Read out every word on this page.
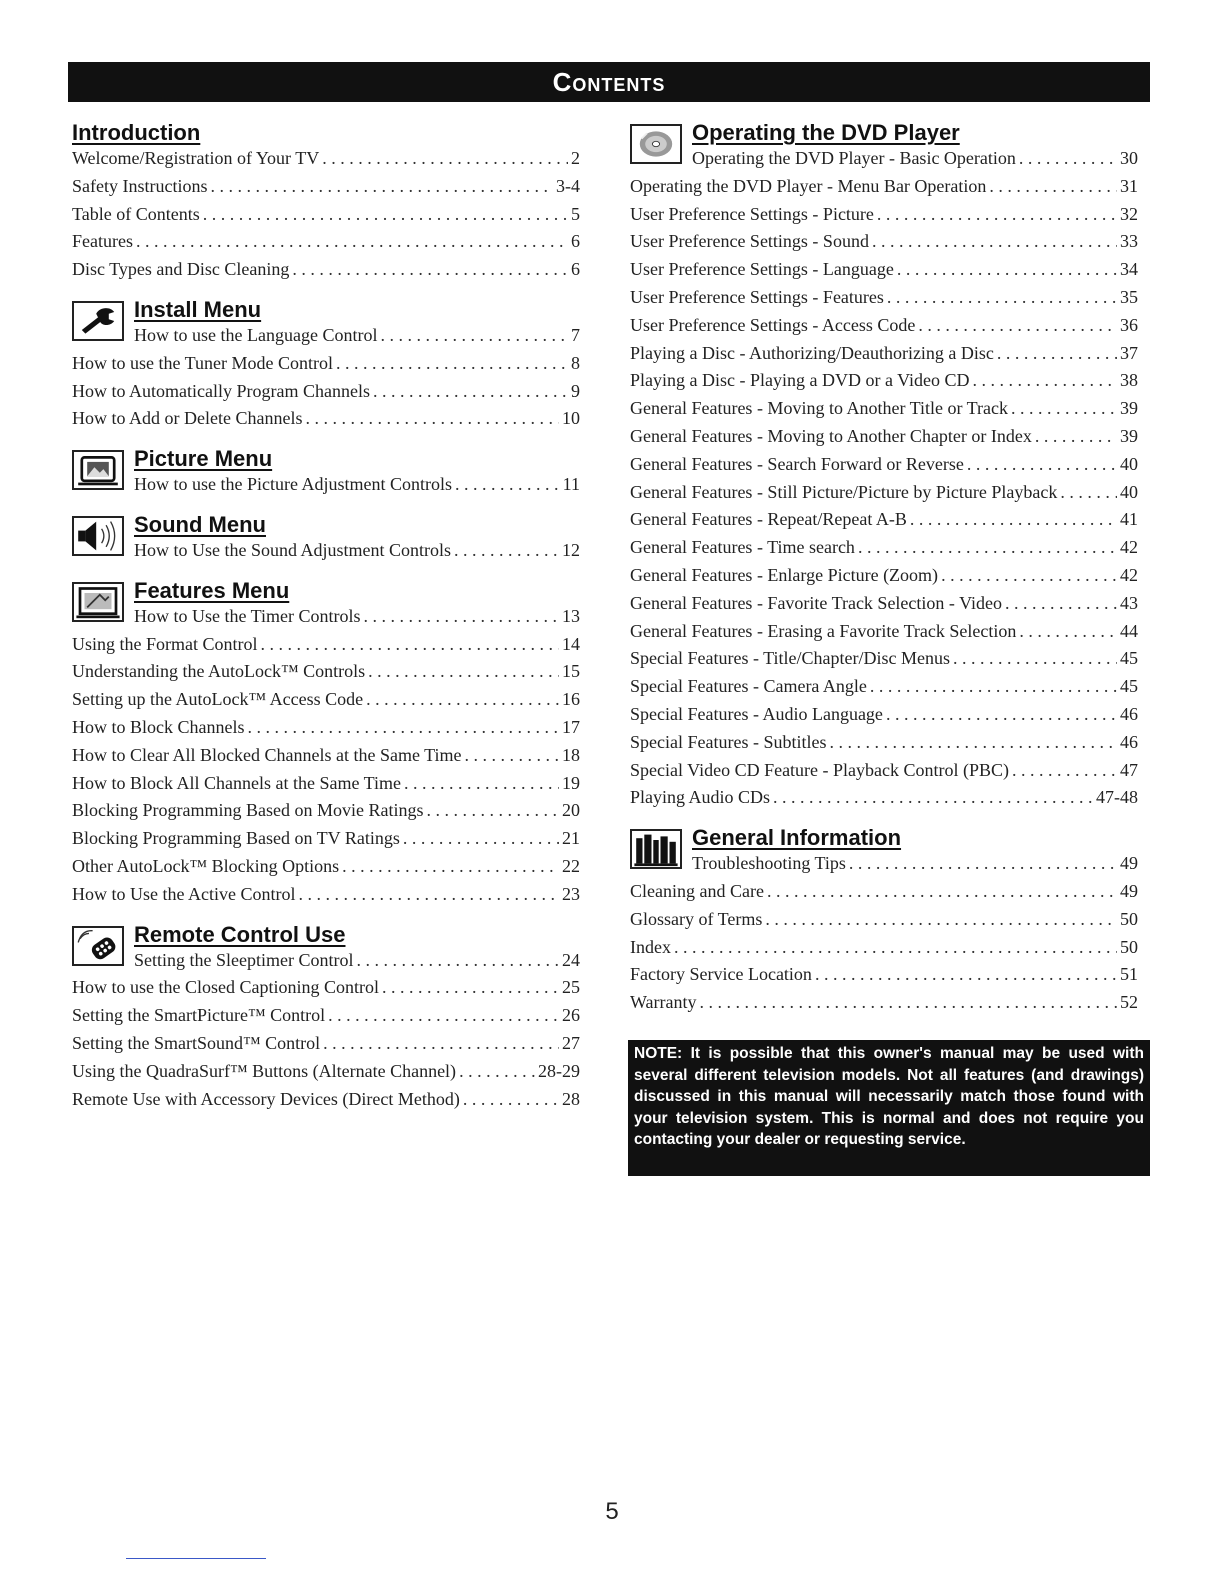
Contents
Introduction
Welcome/Registration of Your TV . . .	2
Safety Instructions . . .	3-4
Table of Contents . . .	5
Features . . .	6
Disc Types and Disc Cleaning . . .	6
Install Menu
How to use the Language Control . . .	7
How to use the Tuner Mode Control . . .	8
How to Automatically Program Channels . . .	9
How to Add or Delete Channels . . .	10
Picture Menu
How to use the Picture Adjustment Controls . . .	11
Sound Menu
How to Use the Sound Adjustment Controls . . .	12
Features Menu
How to Use the Timer Controls . . .	13
Using the Format Control . . .	14
Understanding the AutoLock™ Controls . . .	15
Setting up the AutoLock™ Access Code . . .	16
How to Block Channels . . .	17
How to Clear All Blocked Channels at the Same Time . . .	18
How to Block All Channels at the Same Time . . .	19
Blocking Programming Based on Movie Ratings . . .	20
Blocking Programming Based on TV Ratings . . .	21
Other AutoLock™ Blocking Options . . .	22
How to Use the Active Control . . .	23
Remote Control Use
Setting the Sleeptimer Control . . .	24
How to use the Closed Captioning Control . . .	25
Setting the SmartPicture™ Control . . .	26
Setting the SmartSound™ Control . . .	27
Using the QuadraSurf™ Buttons (Alternate Channel) . . .	28-29
Remote Use with Accessory Devices (Direct Method) . . .	28
Operating the DVD Player
Operating the DVD Player - Basic Operation . . .	30
Operating the DVD Player - Menu Bar Operation . . .	31
User Preference Settings - Picture . . .	32
User Preference Settings - Sound . . .	33
User Preference Settings - Language . . .	34
User Preference Settings - Features . . .	35
User Preference Settings - Access Code . . .	36
Playing a Disc - Authorizing/Deauthorizing a Disc . . .	37
Playing a Disc - Playing a DVD or a Video CD . . .	38
General Features - Moving to Another Title or Track . . .	39
General Features - Moving to Another Chapter or Index . . .	39
General Features - Search Forward or Reverse . . .	40
General Features - Still Picture/Picture by Picture Playback . . .	40
General Features - Repeat/Repeat A-B . . .	41
General Features - Time search . . .	42
General Features - Enlarge Picture (Zoom) . . .	42
General Features - Favorite Track Selection - Video . . .	43
General Features - Erasing a Favorite Track Selection . . .	44
Special Features - Title/Chapter/Disc Menus . . .	45
Special Features - Camera Angle . . .	45
Special Features - Audio Language . . .	46
Special Features - Subtitles . . .	46
Special Video CD Feature - Playback Control (PBC) . . .	47
Playing Audio CDs . . .	47-48
General Information
Troubleshooting Tips . . .	49
Cleaning and Care . . .	49
Glossary of Terms . . .	50
Index . . .	50
Factory Service Location . . .	51
Warranty . . .	52
NOTE: It is possible that this owner's manual may be used with several different television models. Not all features (and drawings) discussed in this manual will necessarily match those found with your television system. This is normal and does not require you contacting your dealer or requesting service.
5
